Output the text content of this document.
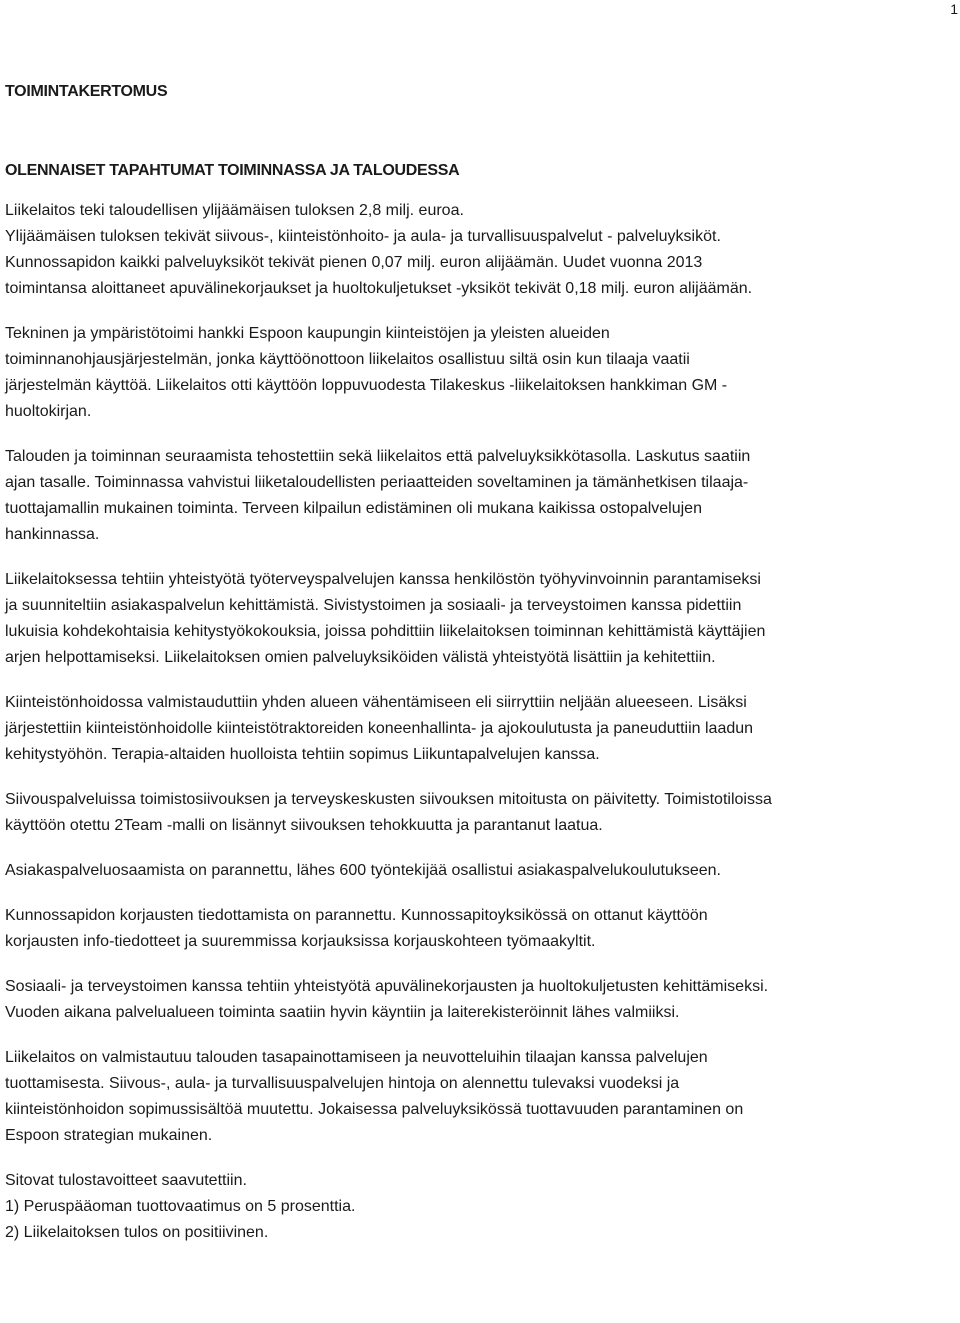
1

TOIMINTAKERTOMUS

OLENNAISET TAPAHTUMAT TOIMINNASSA JA TALOUDESSA

Liikelaitos teki taloudellisen ylijäämäisen tuloksen 2,8 milj. euroa.
Ylijäämäisen tuloksen tekivät siivous-, kiinteistönhoito- ja aula- ja turvallisuuspalvelut - palveluyksiköt.
Kunnossapidon kaikki palveluyksiköt tekivät pienen 0,07 milj. euron alijäämän. Uudet vuonna 2013
toimintansa aloittaneet apuvälinekorjaukset ja huoltokuljetukset -yksiköt tekivät 0,18 milj. euron alijäämän.

Tekninen ja ympäristötoimi hankki Espoon kaupungin kiinteistöjen ja yleisten alueiden
toiminnanohjausjärjestelmän, jonka käyttöönottoon liikelaitos osallistuu siltä osin kun tilaaja vaatii
järjestelmän käyttöä. Liikelaitos otti käyttöön loppuvuodesta Tilakeskus -liikelaitoksen hankkiman GM -
huoltokirjan.

Talouden ja toiminnan seuraamista tehostettiin sekä liikelaitos että palveluyksikkötasolla. Laskutus saatiin
ajan tasalle. Toiminnassa vahvistui liiketaloudellisten periaatteiden soveltaminen ja tämänhetkisen tilaaja-
tuottajamallin mukainen toiminta. Terveen kilpailun edistäminen oli mukana kaikissa ostopalvelujen
hankinnassa.

Liikelaitoksessa tehtiin yhteistyötä työterveyspalvelujen kanssa henkilöstön työhyvinvoinnin parantamiseksi
ja suunniteltiin asiakaspalvelun kehittämistä. Sivistystoimen ja sosiaali- ja terveystoimen kanssa pidettiin
lukuisia kohdekohtaisia kehitystyökokouksia, joissa pohdittiin liikelaitoksen toiminnan kehittämistä käyttäjien
arjen helpottamiseksi. Liikelaitoksen omien palveluyksiköiden välistä yhteistyötä lisättiin ja kehitettiin.

Kiinteistönhoidossa valmistauduttiin yhden alueen vähentämiseen eli siirryttiin neljään alueeseen. Lisäksi
järjestettiin kiinteistönhoidolle kiinteistötraktoreiden koneenhallinta- ja ajokoulutusta ja paneuduttiin laadun
kehitystyöhön. Terapia-altaiden huolloista tehtiin sopimus Liikuntapalvelujen kanssa.

Siivouspalveluissa toimistosiivouksen ja terveyskeskusten siivouksen mitoitusta on päivitetty. Toimistotiloissa
käyttöön otettu 2Team -malli on lisännyt siivouksen tehokkuutta ja parantanut laatua.

Asiakaspalveluosaamista on parannettu, lähes 600 työntekijää osallistui asiakaspalvelukoulutukseen.

Kunnossapidon korjausten tiedottamista on parannettu. Kunnossapitoyksikössä on ottanut käyttöön
korjausten info-tiedotteet ja suuremmissa korjauksissa korjauskohteen työmaakyltit.

Sosiaali- ja terveystoimen kanssa tehtiin yhteistyötä apuvälinekorjausten ja huoltokuljetusten kehittämiseksi.
Vuoden aikana palvelualueen toiminta saatiin hyvin käyntiin ja laiterekisteröinnit lähes valmiiksi.

Liikelaitos on valmistautuu talouden tasapainottamiseen ja neuvotteluihin tilaajan kanssa palvelujen
tuottamisesta. Siivous-, aula- ja turvallisuuspalvelujen hintoja on alennettu tulevaksi vuodeksi ja
kiinteistönhoidon sopimussisältöä muutettu. Jokaisessa palveluyksikössä tuottavuuden parantaminen on
Espoon strategian mukainen.

Sitovat tulostavoitteet saavutettiin.
1) Peruspääoman tuottovaatimus on 5 prosenttia.
2) Liikelaitoksen tulos on positiivinen.
